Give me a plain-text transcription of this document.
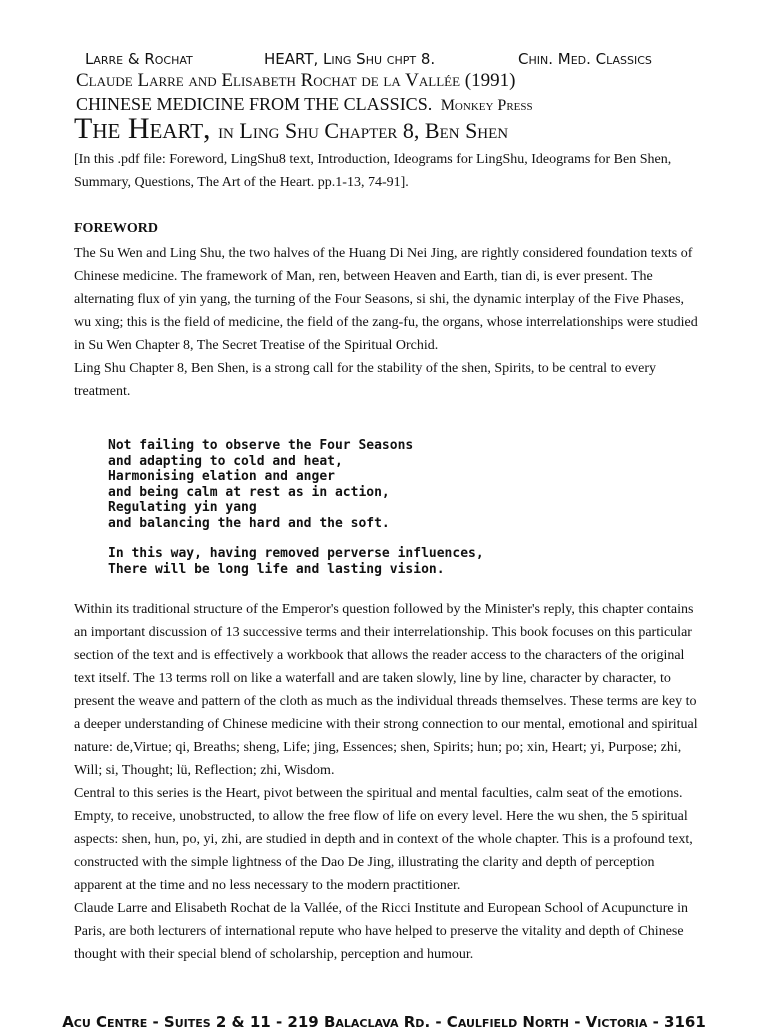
Larre & Rochat	HEART, Ling Shu chpt 8.	Chin. Med. Classics
Claude Larre and Elisabeth Rochat de la Vallée (1991)
CHINESE MEDICINE FROM THE CLASSICS. Monkey Press
The Heart, in Ling Shu Chapter 8, Ben Shen
[In this .pdf file: Foreword, LingShu8 text, Introduction, Ideograms for LingShu, Ideograms for Ben Shen, Summary, Questions, The Art of the Heart. pp.1-13, 74-91].
FOREWORD

The Su Wen and Ling Shu, the two halves of the Huang Di Nei Jing, are rightly considered foundation texts of Chinese medicine. The framework of Man, ren, between Heaven and Earth, tian di, is ever present. The alternating flux of yin yang, the turning of the Four Seasons, si shi, the dynamic interplay of the Five Phases, wu xing; this is the field of medicine, the field of the zang-fu, the organs, whose interrelationships were studied in Su Wen Chapter 8, The Secret Treatise of the Spiritual Orchid.

Ling Shu Chapter 8, Ben Shen, is a strong call for the stability of the shen, Spirits, to be central to every treatment.

Not failing to observe the Four Seasons
and adapting to cold and heat,
Harmonising elation and anger
and being calm at rest as in action,
Regulating yin yang
and balancing the hard and the soft.
In this way, having removed perverse influences,
There will be long life and lasting vision.

Within its traditional structure of the Emperor's question followed by the Minister's reply, this chapter contains an important discussion of 13 successive terms and their interrelationship. This book focuses on this particular section of the text and is effectively a workbook that allows the reader access to the characters of the original text itself. The 13 terms roll on like a waterfall and are taken slowly, line by line, character by character, to present the weave and pattern of the cloth as much as the individual threads themselves. These terms are key to a deeper understanding of Chinese medicine with their strong connection to our mental, emotional and spiritual nature: de,Virtue; qi, Breaths; sheng, Life; jing, Essences; shen, Spirits; hun; po; xin, Heart; yi, Purpose; zhi, Will; si, Thought; lü, Reflection; zhi, Wisdom.

Central to this series is the Heart, pivot between the spiritual and mental faculties, calm seat of the emotions. Empty, to receive, unobstructed, to allow the free flow of life on every level. Here the wu shen, the 5 spiritual aspects: shen, hun, po, yi, zhi, are studied in depth and in context of the whole chapter. This is a profound text, constructed with the simple lightness of the Dao De Jing, illustrating the clarity and depth of perception apparent at the time and no less necessary to the modern practitioner.

Claude Larre and Elisabeth Rochat de la Vallée, of the Ricci Institute and European School of Acupuncture in Paris, are both lecturers of international repute who have helped to preserve the vitality and depth of Chinese thought with their special blend of scholarship, perception and humour.

Acu Centre - Suites 2 & 11 - 219 Balaclava Rd. - Caulfield North - Victoria - 3161
